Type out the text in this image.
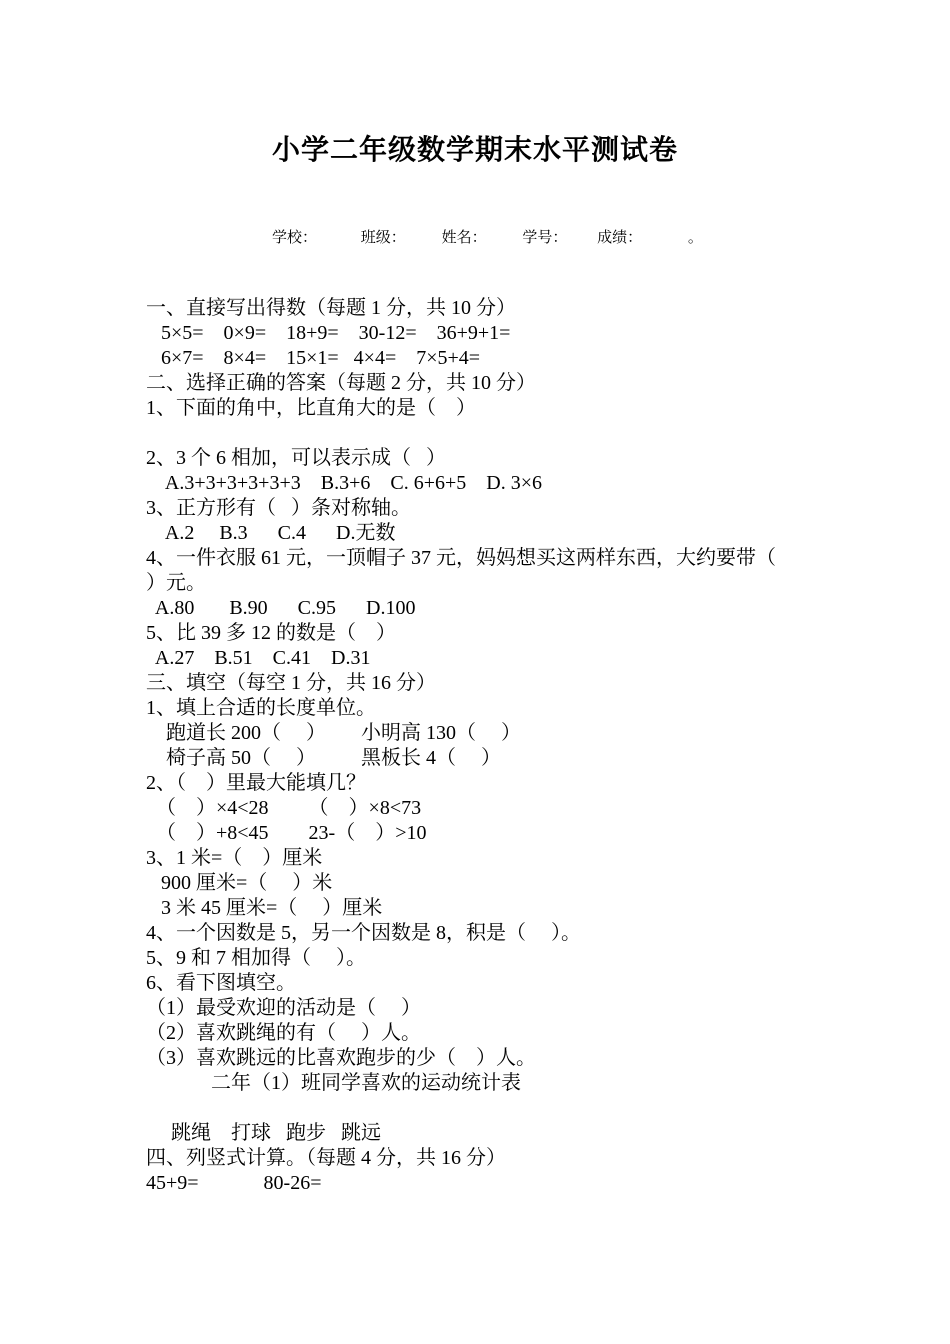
小学二年级数学期末水平测试卷
学校：	班级： 姓名： 学号： 成绩：	。
一、直接写出得数（每题 1 分，共 10 分）
5×5=    0×9=    18+9=    30-12=    36+9+1=
6×7=    8×4=    15×1=   4×4=    7×5+4=
二、选择正确的答案（每题 2 分，共 10 分）
1、下面的角中，比直角大的是（    ）
2、3 个 6 相加，可以表示成（   ）
A.3+3+3+3+3+3    B.3+6    C. 6+6+5    D. 3×6
3、正方形有（   ）条对称轴。
A.2     B.3      C.4      D.无数
4、一件衣服 61 元，一顶帽子 37 元，妈妈想买这两样东西，大约要带（
）元。
A.80       B.90      C.95      D.100
5、比 39 多 12 的数是（    ）
A.27    B.51    C.41    D.31
三、填空（每空 1 分，共 16 分）
1、填上合适的长度单位。
跑道长 200（     ）       小明高 130（     ）
椅子高 50（     ）         黑板长 4（     ）
2、（    ）里最大能填几？
（    ）×4<28        （    ）×8<73
（    ）+8<45        23-（    ）>10
3、1 米=（    ）厘米
900 厘米=（     ）米
3 米 45 厘米=（     ）厘米
4、一个因数是 5，另一个因数是 8，积是（     ）。
5、9 和 7 相加得（     ）。
6、看下图填空。
（1）最受欢迎的活动是（     ）
（2）喜欢跳绳的有（     ）人。
（3）喜欢跳远的比喜欢跑步的少（    ）人。
二年（1）班同学喜欢的运动统计表
跳绳    打球   跑步   跳远
四、列竖式计算。（每题 4 分，共 16 分）
45+9=             80-26=
